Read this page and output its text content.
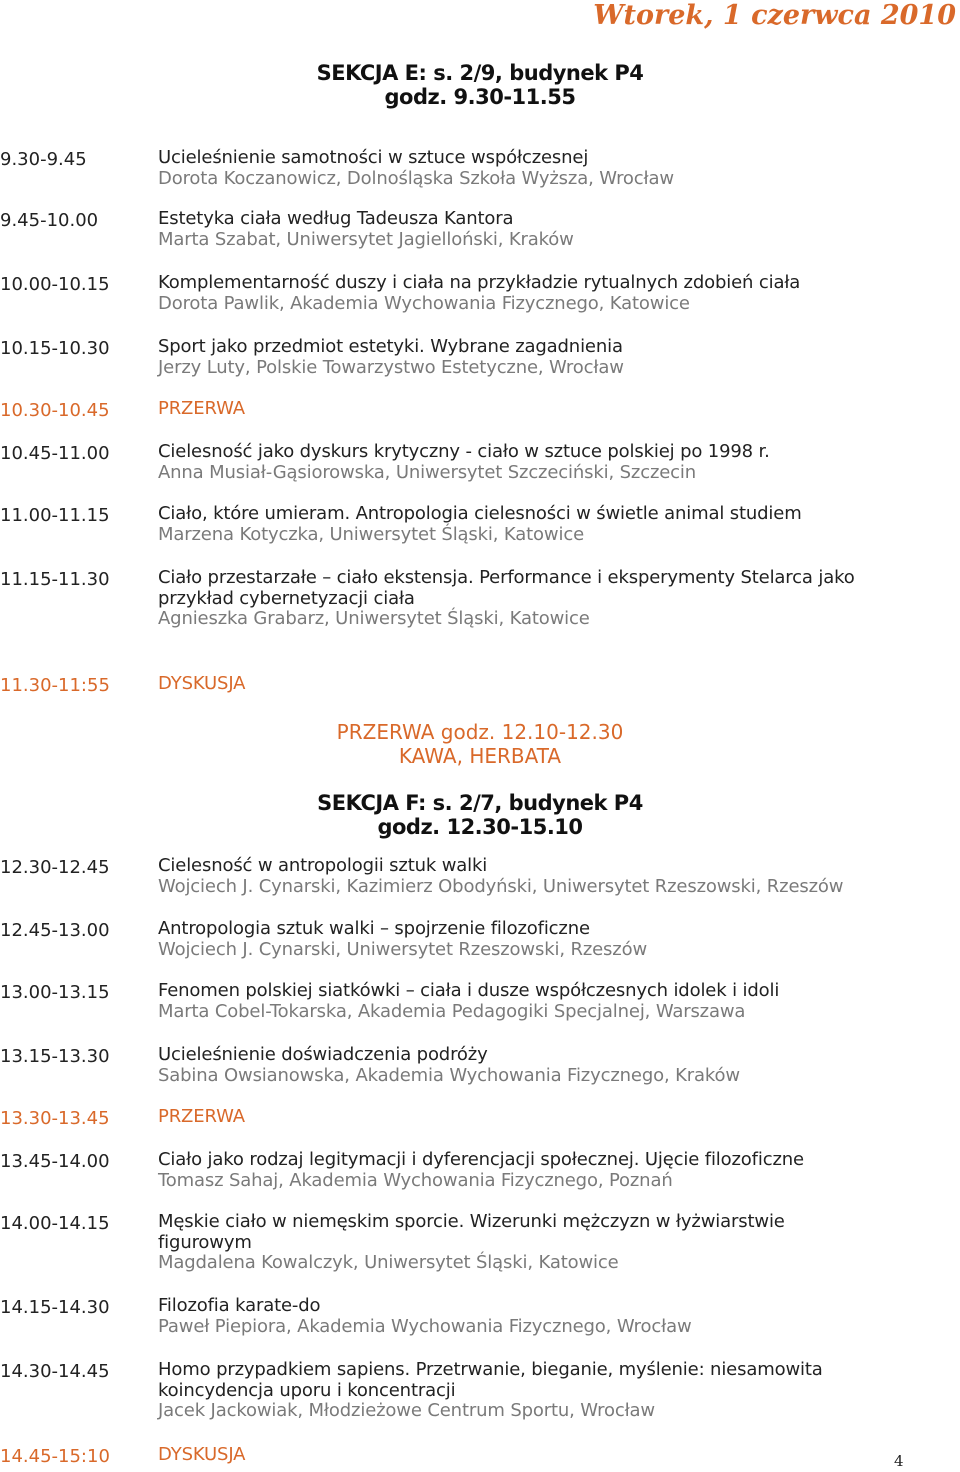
Wtorek, 1 czerwca 2010
SEKCJA E: s. 2/9, budynek P4
godz. 9.30-11.55
9.30-9.45	Ucieleśnienie samotności w sztuce współczesnej
Dorota Koczanowicz, Dolnośląska Szkoła Wyższa, Wrocław
9.45-10.00	Estetyka ciała według Tadeusza Kantora
Marta Szabat, Uniwersytet Jagielloński, Kraków
10.00-10.15	Komplementarność duszy i ciała na przykładzie rytualnych zdobień ciała
Dorota Pawlik, Akademia Wychowania Fizycznego, Katowice
10.15-10.30	Sport jako przedmiot estetyki. Wybrane zagadnienia
Jerzy Luty, Polskie Towarzystwo Estetyczne, Wrocław
10.30-10.45	PRZERWA
10.45-11.00	Cielesność jako dyskurs krytyczny - ciało w sztuce polskiej po 1998 r.
Anna Musiał-Gąsiorowska, Uniwersytet Szczeciński, Szczecin
11.00-11.15	Ciało, które umieram. Antropologia cielesności w świetle animal studiem
Marzena Kotyczka, Uniwersytet Śląski, Katowice
11.15-11.30	Ciało przestarzałe – ciało ekstensja. Performance i eksperymenty Stelarca jako
przykład cybernetyzacji ciała
Agnieszka Grabarz, Uniwersytet Śląski, Katowice
11.30-11:55	DYSKUSJA
PRZERWA godz. 12.10-12.30
KAWA, HERBATA
SEKCJA F: s. 2/7, budynek P4
godz. 12.30-15.10
12.30-12.45	Cielesność w antropologii sztuk walki
Wojciech J. Cynarski, Kazimierz Obodyński, Uniwersytet Rzeszowski, Rzeszów
12.45-13.00	Antropologia sztuk walki – spojrzenie filozoficzne
Wojciech J. Cynarski, Uniwersytet Rzeszowski, Rzeszów
13.00-13.15	Fenomen polskiej siatkówki – ciała i dusze współczesnych idolek i idoli
Marta Cobel-Tokarska, Akademia Pedagogiki Specjalnej, Warszawa
13.15-13.30	Ucieleśnienie doświadczenia podróży
Sabina Owsianowska, Akademia Wychowania Fizycznego, Kraków
13.30-13.45	PRZERWA
13.45-14.00	Ciało jako rodzaj legitymacji i dyferencjacji społecznej. Ujęcie filozoficzne
Tomasz Sahaj, Akademia Wychowania Fizycznego, Poznań
14.00-14.15	Męskie ciało w niemęskim sporcie. Wizerunki mężczyzn w łyżwiarstwie
figurowym
Magdalena Kowalczyk, Uniwersytet Śląski, Katowice
14.15-14.30	Filozofia karate-do
Paweł Piepiora, Akademia Wychowania Fizycznego, Wrocław
14.30-14.45	Homo przypadkiem sapiens. Przetrwanie, bieganie, myślenie: niesamowita
koincydencja uporu i koncentracji
Jacek Jackowiak, Młodzieżowe Centrum Sportu, Wrocław
14.45-15:10	DYSKUSJA	4
